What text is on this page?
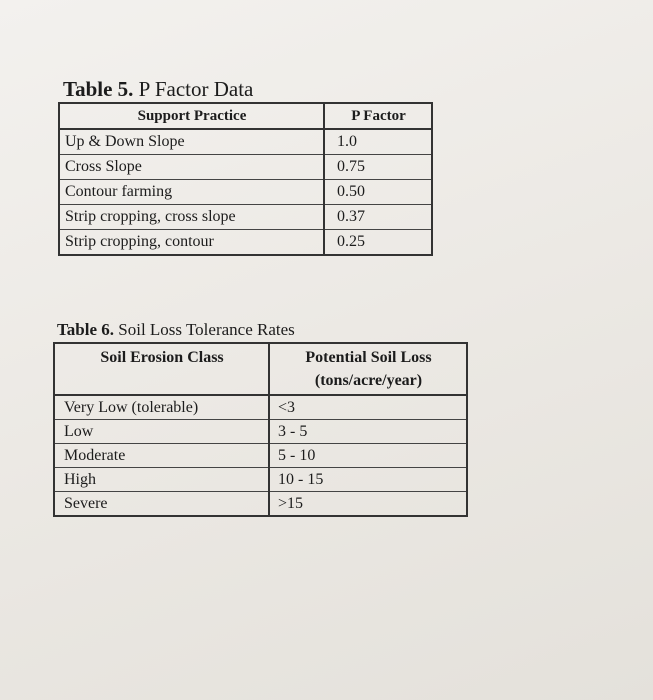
Table 5. P Factor Data
Support Practice	P Factor
Up & Down Slope	1.0
Cross Slope	0.75
Contour farming	0.50
Strip cropping, cross slope	0.37
Strip cropping, contour	0.25
Table 6. Soil Loss Tolerance Rates
Soil Erosion Class	Potential Soil Loss
(tons/acre/year)

Very Low (tolerable)	<3
Low	3 - 5
Moderate	5 - 10
High	10 - 15
Severe	>15
